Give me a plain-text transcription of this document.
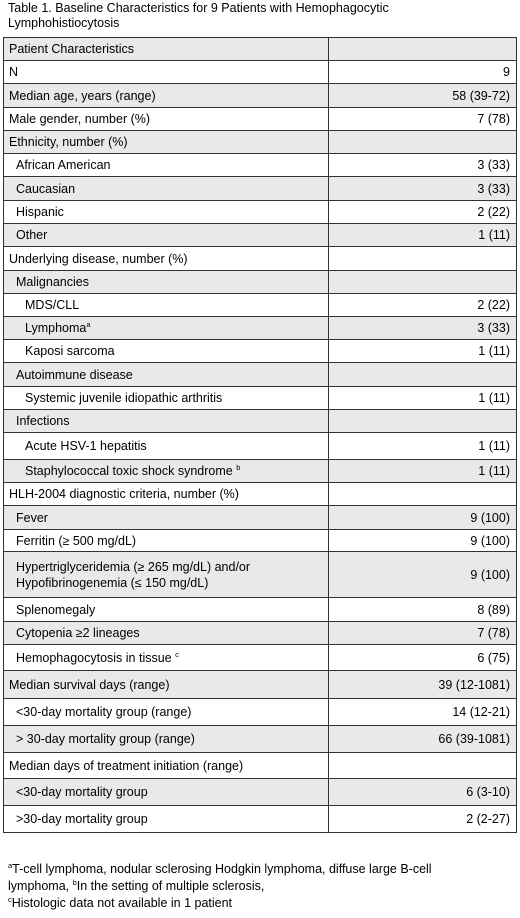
Table 1. Baseline Characteristics for 9 Patients with Hemophagocytic Lymphohistiocytosis
Patient Characteristics	
N	9
Median age, years (range)	58 (39-72)
Male gender, number (%)	7 (78)
Ethnicity, number (%)	
African American	3 (33)
Caucasian	3 (33)
Hispanic	2 (22)
Other	1 (11)
Underlying disease, number (%)	
Malignancies	
MDS/CLL	2 (22)
Lymphoma$^a$	3 (33)
Kaposi sarcoma	1 (11)
Autoimmune disease	
Systemic juvenile idiopathic arthritis	1 (11)
Infections	
Acute HSV-1 hepatitis	1 (11)
Staphylococcal toxic shock syndrome $^b$	1 (11)
HLH-2004 diagnostic criteria, number (%)	
Fever	9 (100)
Ferritin (≥ 500 mg/dL)	9 (100)
Hypertriglyceridemia (≥ 265 mg/dL) and/or
Hypofibrinogenemia (≤ 150 mg/dL)	9 (100)
Splenomegaly	8 (89)
Cytopenia ≥2 lineages	7 (78)
Hemophagocytosis in tissue $^c$	6 (75)
Median survival days (range)	39 (12-1081)
<30-day mortality group (range)	14 (12-21)
> 30-day mortality group (range)	66 (39-1081)
Median days of treatment initiation (range)	
<30-day mortality group	6 (3-10)
>30-day mortality group	2 (2-27)
$^a$T-cell lymphoma, nodular sclerosing Hodgkin lymphoma, diffuse large B-cell
lymphoma, $^b$In the setting of multiple sclerosis,
$^c$Histologic data not available in 1 patient
